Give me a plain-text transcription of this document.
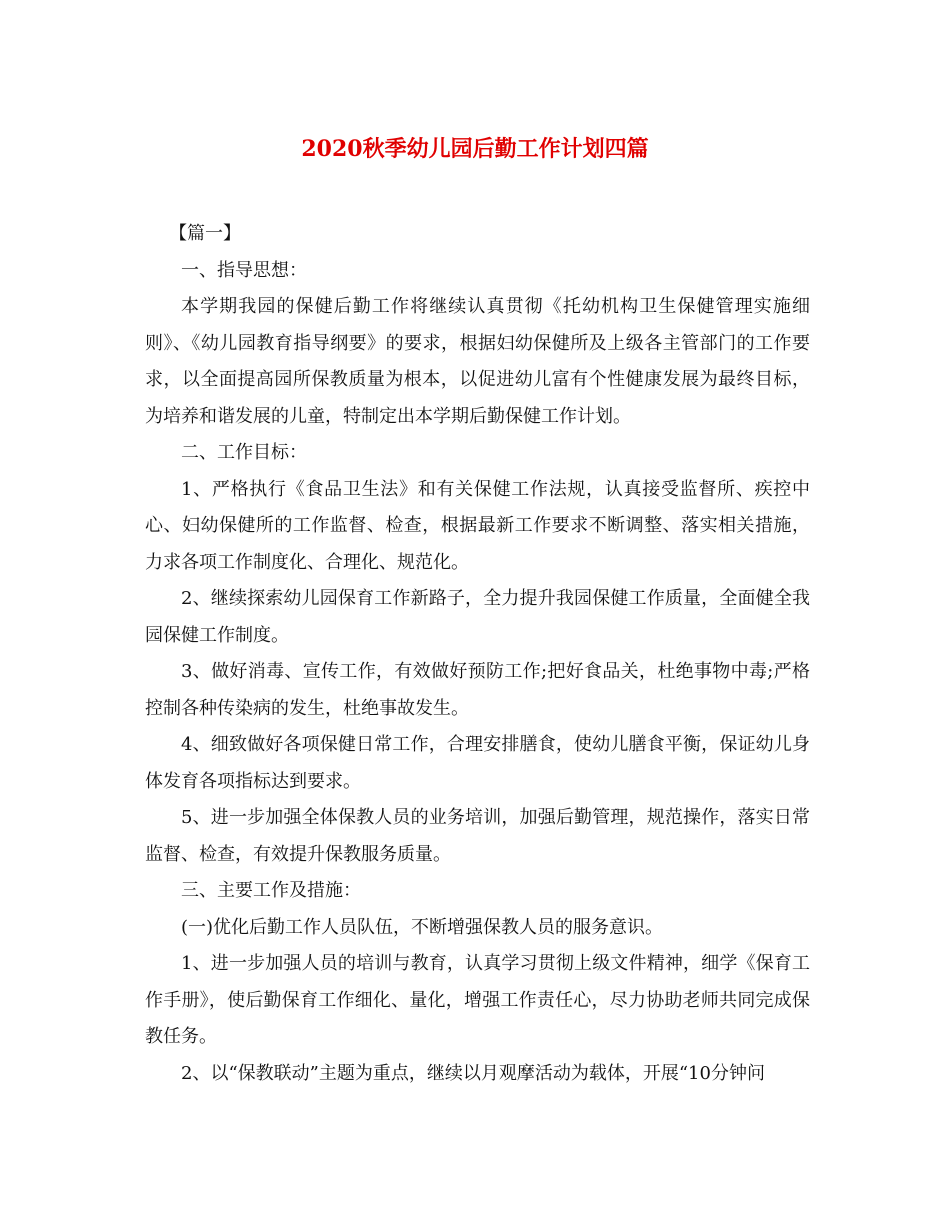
2020秋季幼儿园后勤工作计划四篇

【篇一】

一、指导思想：

本学期我园的保健后勤工作将继续认真贯彻《托幼机构卫生保健管理实施细则》、《幼儿园教育指导纲要》的要求，根据妇幼保健所及上级各主管部门的工作要求，以全面提高园所保教质量为根本，以促进幼儿富有个性健康发展为最终目标，为培养和谐发展的儿童，特制定出本学期后勤保健工作计划。

二、工作目标：

1、严格执行《食品卫生法》和有关保健工作法规，认真接受监督所、疾控中心、妇幼保健所的工作监督、检查，根据最新工作要求不断调整、落实相关措施，力求各项工作制度化、合理化、规范化。

2、继续探索幼儿园保育工作新路子，全力提升我园保健工作质量，全面健全我园保健工作制度。

3、做好消毒、宣传工作，有效做好预防工作;把好食品关，杜绝事物中毒;严格控制各种传染病的发生，杜绝事故发生。

4、细致做好各项保健日常工作，合理安排膳食，使幼儿膳食平衡，保证幼儿身体发育各项指标达到要求。

5、进一步加强全体保教人员的业务培训，加强后勤管理，规范操作，落实日常监督、检查，有效提升保教服务质量。

三、主要工作及措施：

(一)优化后勤工作人员队伍，不断增强保教人员的服务意识。

1、进一步加强人员的培训与教育，认真学习贯彻上级文件精神，细学《保育工作手册》，使后勤保育工作细化、量化，增强工作责任心，尽力协助老师共同完成保教任务。

2、以“保教联动”主题为重点，继续以月观摩活动为载体，开展“10分钟问
